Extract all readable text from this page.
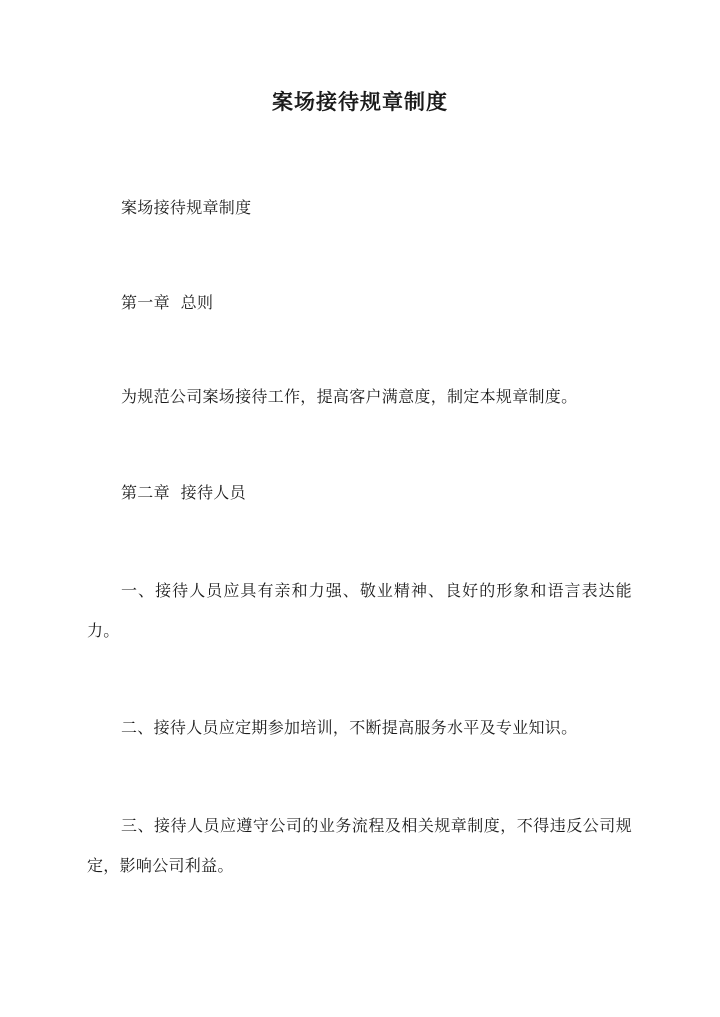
案场接待规章制度

案场接待规章制度

第一章  总则

为规范公司案场接待工作，提高客户满意度，制定本规章制度。

第二章  接待人员

一、接待人员应具有亲和力强、敬业精神、良好的形象和语言表达能力。

二、接待人员应定期参加培训，不断提高服务水平及专业知识。

三、接待人员应遵守公司的业务流程及相关规章制度，不得违反公司规定，影响公司利益。
